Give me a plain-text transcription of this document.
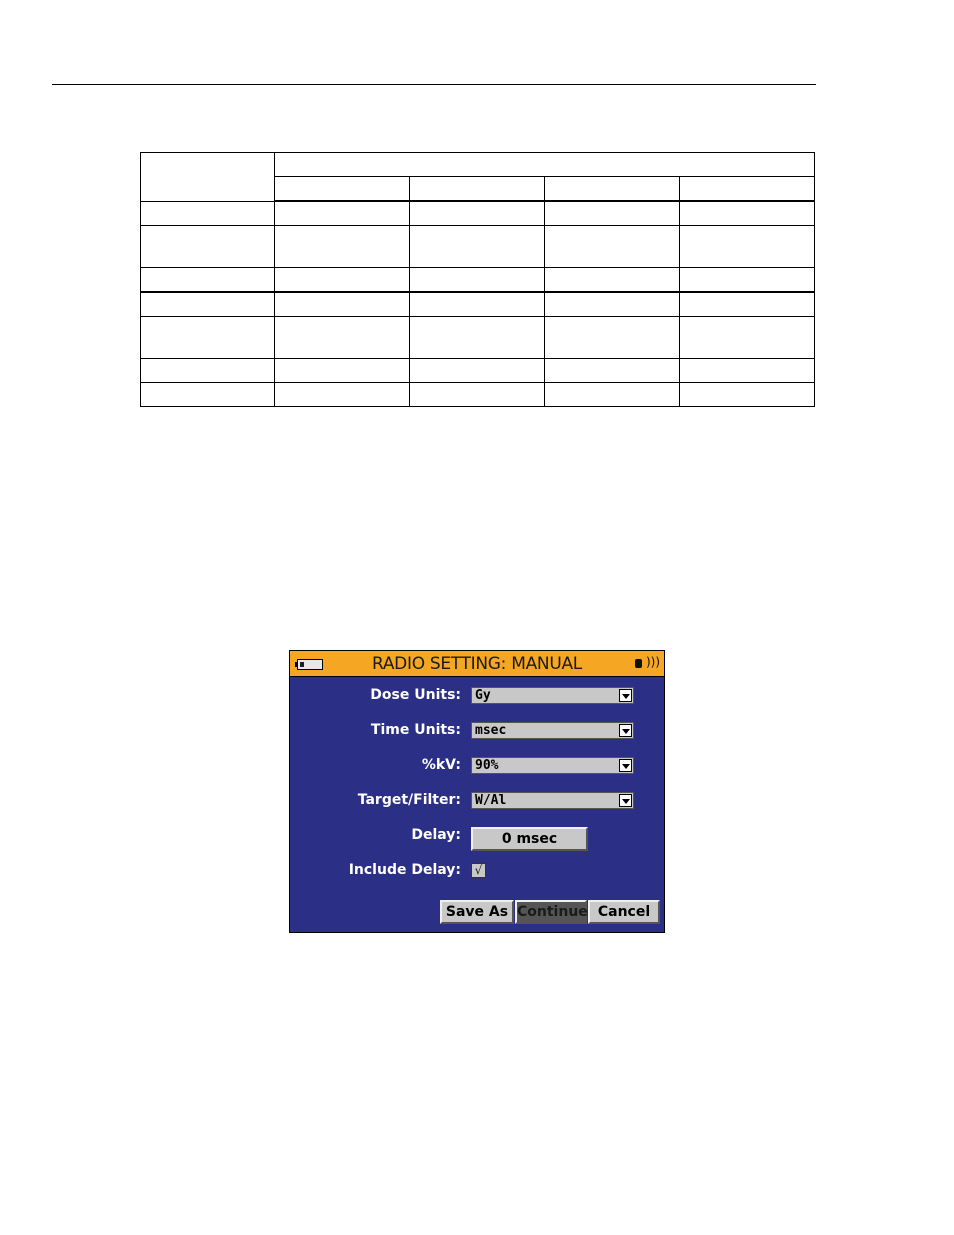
RADIO SETTING: MANUAL	)))
Dose Units: Gy
Time Units: msec
%kV: 90%
Target/Filter: W/Al
Delay:	0 msec
Include Delay:	√
Save As Continue Cancel
